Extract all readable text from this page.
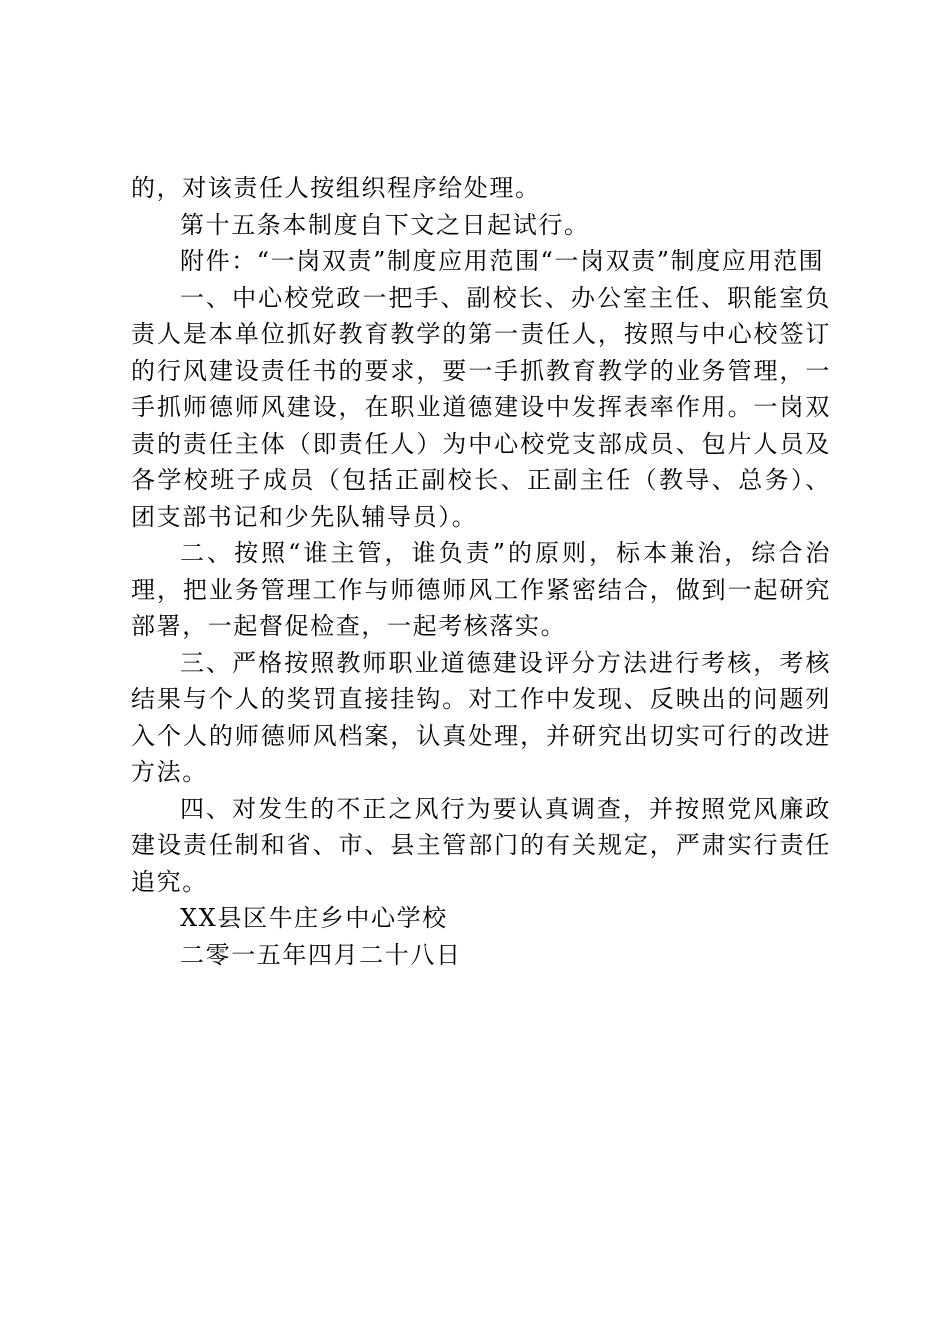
的，对该责任人按组织程序给处理。

第十五条本制度自下文之日起试行。

附件：“一岗双责”制度应用范围“一岗双责”制度应用范围

一、中心校党政一把手、副校长、办公室主任、职能室负责人是本单位抓好教育教学的第一责任人，按照与中心校签订的行风建设责任书的要求，要一手抓教育教学的业务管理，一手抓师德师风建设，在职业道德建设中发挥表率作用。一岗双责的责任主体（即责任人）为中心校党支部成员、包片人员及各学校班子成员（包括正副校长、正副主任（教导、总务）、团支部书记和少先队辅导员）。

二、按照“谁主管，谁负责”的原则，标本兼治，综合治理，把业务管理工作与师德师风工作紧密结合，做到一起研究部署，一起督促检查，一起考核落实。

三、严格按照教师职业道德建设评分方法进行考核，考核结果与个人的奖罚直接挂钩。对工作中发现、反映出的问题列入个人的师德师风档案，认真处理，并研究出切实可行的改进方法。

四、对发生的不正之风行为要认真调查，并按照党风廉政建设责任制和省、市、县主管部门的有关规定，严肃实行责任追究。

XX县区牛庄乡中心学校

二零一五年四月二十八日
